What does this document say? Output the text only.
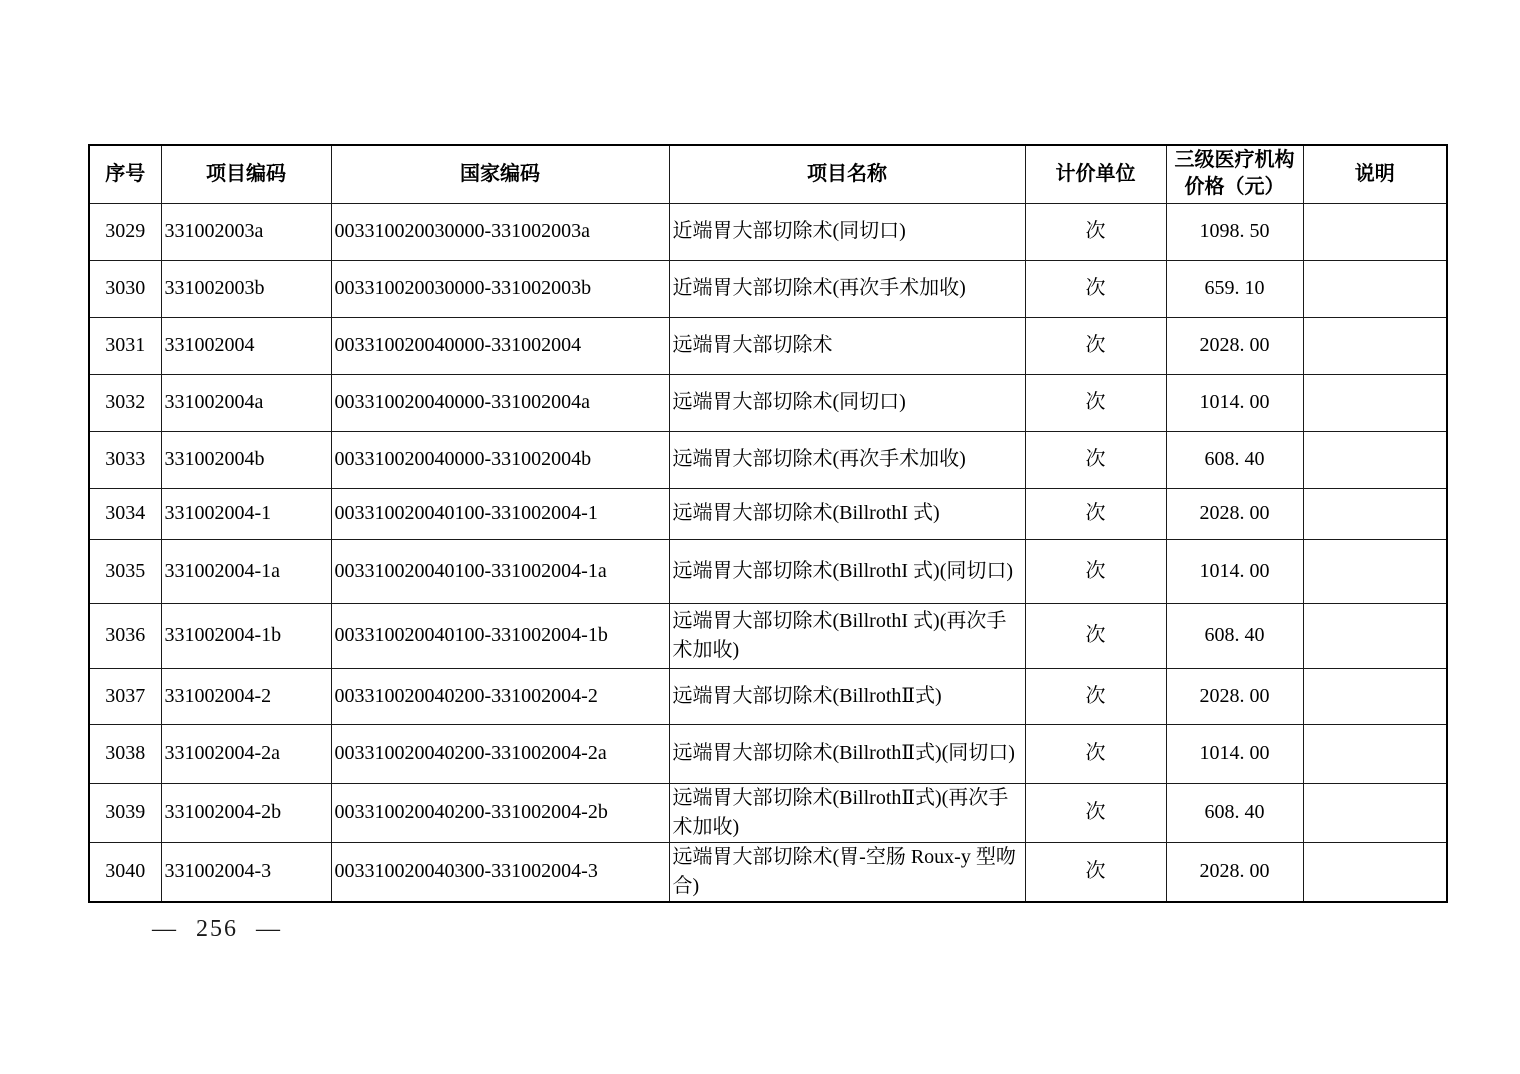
序号	项目编码	国家编码	项目名称	计价单位	三级医疗机构价格（元）	说明
3029	331002003a	003310020030000-331002003a	近端胃大部切除术(同切口)	次	1098. 50	
3030	331002003b	003310020030000-331002003b	近端胃大部切除术(再次手术加收)	次	659. 10	
3031	331002004	003310020040000-331002004	远端胃大部切除术	次	2028. 00	
3032	331002004a	003310020040000-331002004a	远端胃大部切除术(同切口)	次	1014. 00	
3033	331002004b	003310020040000-331002004b	远端胃大部切除术(再次手术加收)	次	608. 40	
3034	331002004-1	003310020040100-331002004-1	远端胃大部切除术(BillrothI 式)	次	2028. 00	
3035	331002004-1a	003310020040100-331002004-1a	远端胃大部切除术(BillrothI 式)(同切口)	次	1014. 00	
3036	331002004-1b	003310020040100-331002004-1b	远端胃大部切除术(BillrothI 式)(再次手术加收)	次	608. 40	
3037	331002004-2	003310020040200-331002004-2	远端胃大部切除术(BillrothⅡ式)	次	2028. 00	
3038	331002004-2a	003310020040200-331002004-2a	远端胃大部切除术(BillrothⅡ式)(同切口)	次	1014. 00	
3039	331002004-2b	003310020040200-331002004-2b	远端胃大部切除术(BillrothⅡ式)(再次手术加收)	次	608. 40	
3040	331002004-3	003310020040300-331002004-3	远端胃大部切除术(胃-空肠 Roux-y 型吻合)	次	2028. 00	
— 256 —
